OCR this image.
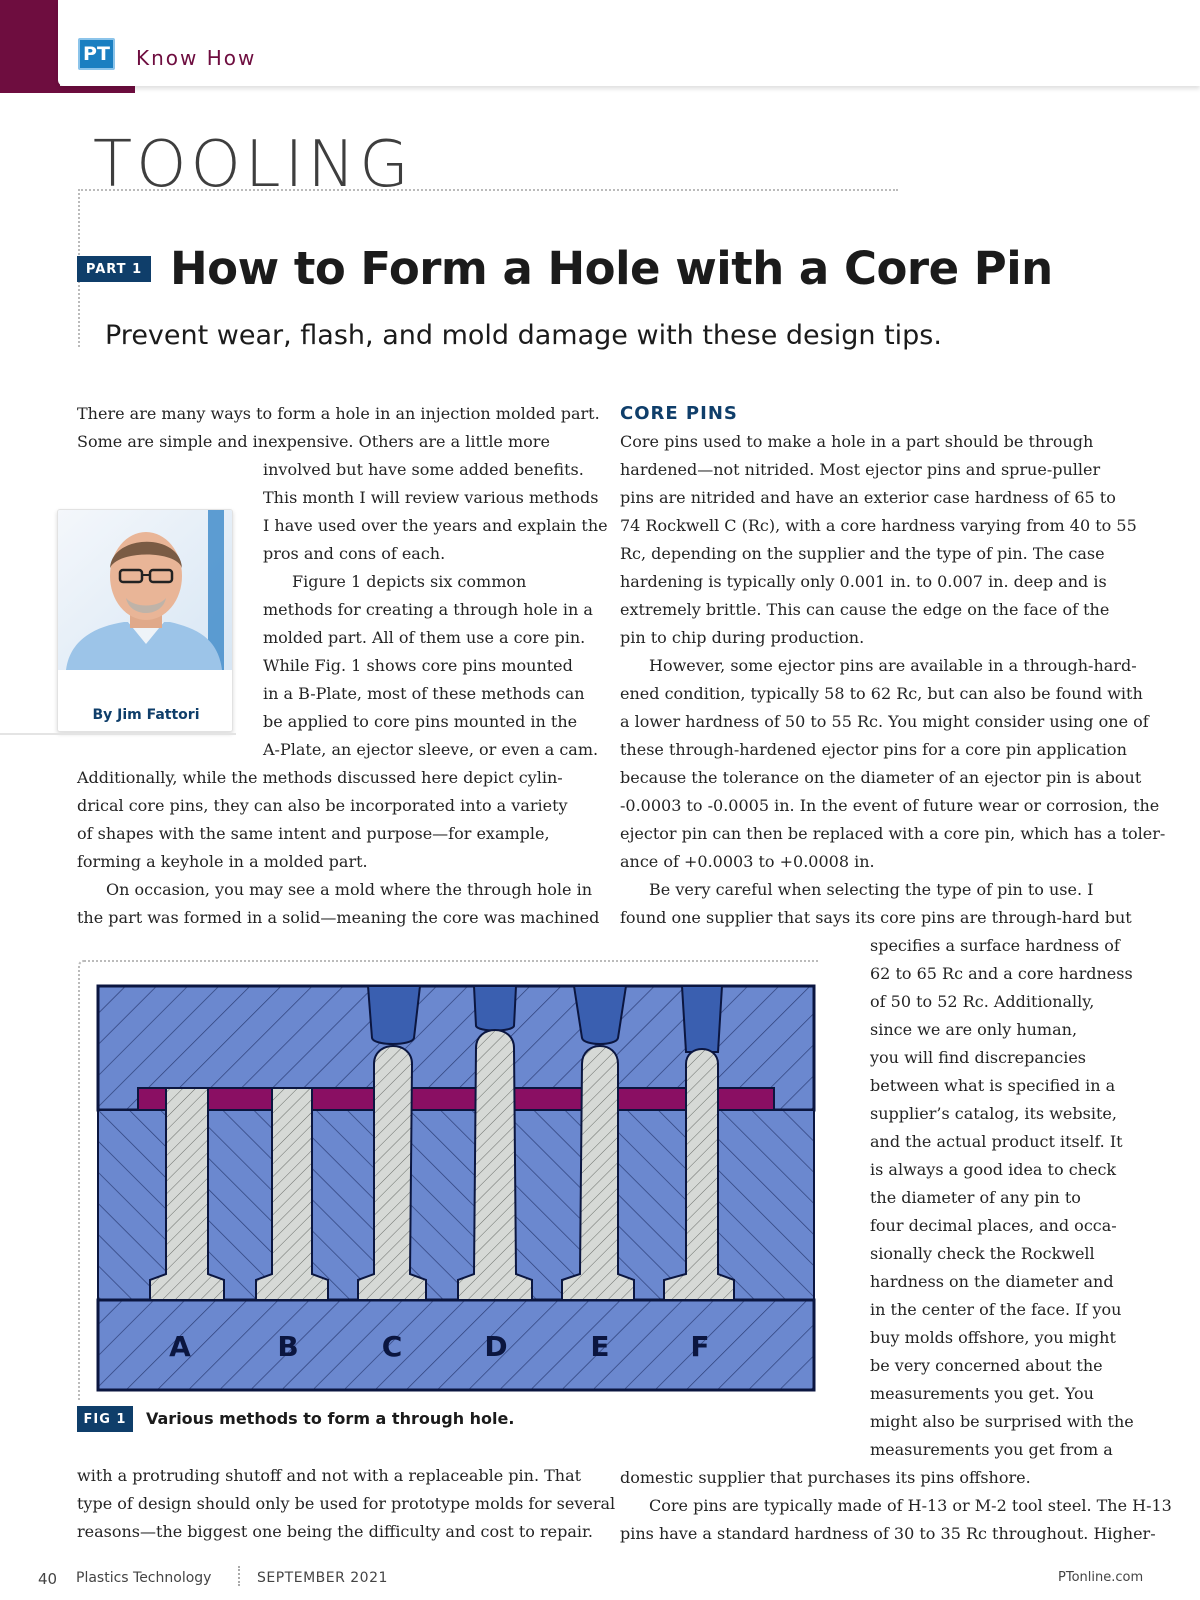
PT Know How
TOOLING
PART 1 How to Form a Hole with a Core Pin
Prevent wear, flash, and mold damage with these design tips.
By Jim Fattori
There are many ways to form a hole in an injection molded part.
Some are simple and inexpensive. Others are a little more
involved but have some added benefits.
This month I will review various methods
I have used over the years and explain the
pros and cons of each.
Figure 1 depicts six common
methods for creating a through hole in a
molded part. All of them use a core pin.
While Fig. 1 shows core pins mounted
in a B-Plate, most of these methods can
be applied to core pins mounted in the
A-Plate, an ejector sleeve, or even a cam.
Additionally, while the methods discussed here depict cylin-
drical core pins, they can also be incorporated into a variety
of shapes with the same intent and purpose—for example,
forming a keyhole in a molded part.
On occasion, you may see a mold where the through hole in
the part was formed in a solid—meaning the core was machined
with a protruding shutoff and not with a replaceable pin. That
type of design should only be used for prototype molds for several
reasons—the biggest one being the difficulty and cost to repair.
CORE PINS
Core pins used to make a hole in a part should be through
hardened—not nitrided. Most ejector pins and sprue-puller
pins are nitrided and have an exterior case hardness of 65 to
74 Rockwell C (Rc), with a core hardness varying from 40 to 55
Rc, depending on the supplier and the type of pin. The case
hardening is typically only 0.001 in. to 0.007 in. deep and is
extremely brittle. This can cause the edge on the face of the
pin to chip during production.
However, some ejector pins are available in a through-hard-
ened condition, typically 58 to 62 Rc, but can also be found with
a lower hardness of 50 to 55 Rc. You might consider using one of
these through-hardened ejector pins for a core pin application
because the tolerance on the diameter of an ejector pin is about
-0.0003 to -0.0005 in. In the event of future wear or corrosion, the
ejector pin can then be replaced with a core pin, which has a toler-
ance of +0.0003 to +0.0008 in.
Be very careful when selecting the type of pin to use. I
found one supplier that says its core pins are through-hard but
specifies a surface hardness of
62 to 65 Rc and a core hardness
of 50 to 52 Rc. Additionally,
since we are only human,
you will find discrepancies
between what is specified in a
supplier’s catalog, its website,
and the actual product itself. It
is always a good idea to check
the diameter of any pin to
four decimal places, and occa-
sionally check the Rockwell
hardness on the diameter and
in the center of the face. If you
buy molds offshore, you might
be very concerned about the
measurements you get. You
might also be surprised with the
measurements you get from a
domestic supplier that purchases its pins offshore.
Core pins are typically made of H-13 or M-2 tool steel. The H-13
pins have a standard hardness of 30 to 35 Rc throughout. Higher-
A	B	C	D	E	F
FIG 1	Various methods to form a through hole.
40 Plastics Technology	SEPTEMBER 2021	PTonline.com
